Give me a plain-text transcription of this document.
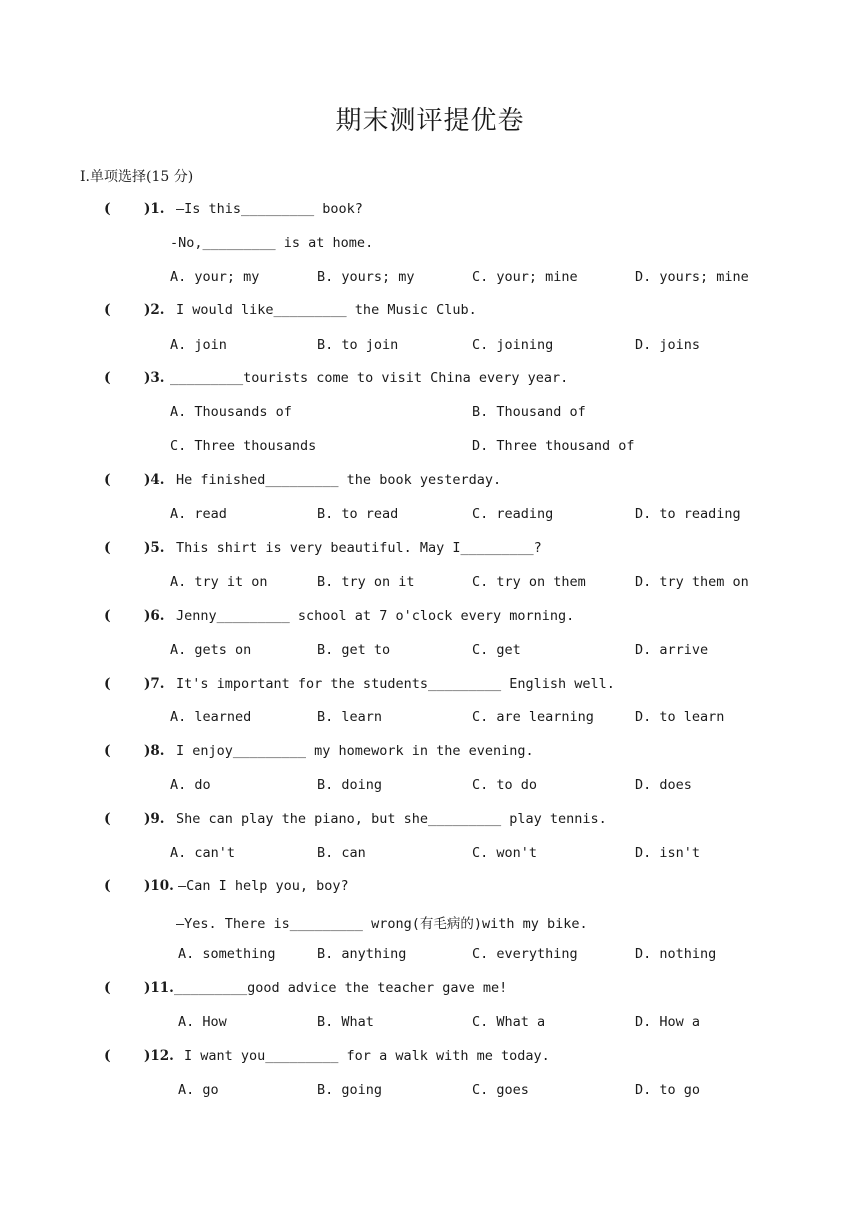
期末测评提优卷
Ⅰ.单项选择(15 分)
( )1. —Is this_________ book?
-No,_________ is at home.
A. your; my	B. yours; my	C. your; mine	D. yours; mine
( )2. I would like_________ the Music Club.
A. join	B. to join	C. joining	D. joins
( )3. _________tourists come to visit China every year.
A. Thousands of	B. Thousand of
C. Three thousands	D. Three thousand of
( )4. He finished_________ the book yesterday.
A. read	B. to read	C. reading	D. to reading
( )5. This shirt is very beautiful. May I_________?
A. try it on	B. try on it	C. try on them	D. try them on
( )6. Jenny_________ school at 7 o'clock every morning.
A. gets on	B. get to	C. get	D. arrive
( )7. It's important for the students_________ English well.
A. learned	B. learn	C. are learning	D. to learn
( )8. I enjoy_________ my homework in the evening.
A. do	B. doing	C. to do	D. does
( )9. She can play the piano, but she_________ play tennis.
A. can't	B. can	C. won't	D. isn't
( )10. —Can I help you, boy?
—Yes. There is_________ wrong(有毛病的)with my bike.
A. something	B. anything	C. everything	D. nothing
( )11. _________good advice the teacher gave me!
A. How	B. What	C. What a	D. How a
( )12. I want you_________ for a walk with me today.
A. go	B. going	C. goes	D. to go
